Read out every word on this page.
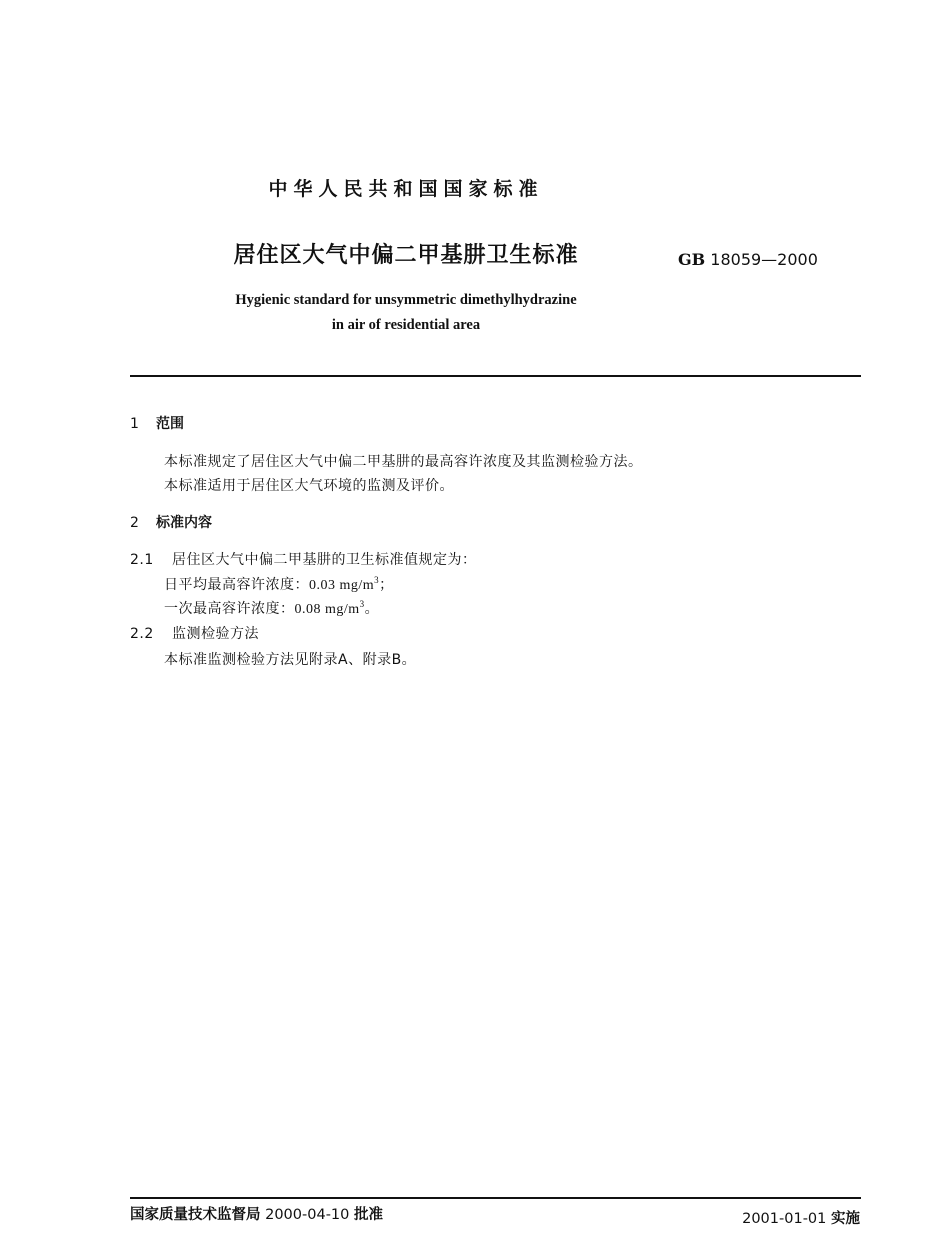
中华人民共和国国家标准
居住区大气中偏二甲基肼卫生标准	GB 18059—2000
Hygienic standard for unsymmetric dimethylhydrazine
in air of residential area
1 范围
本标准规定了居住区大气中偏二甲基肼的最高容许浓度及其监测检验方法。
本标准适用于居住区大气环境的监测及评价。
2 标准内容
2.1 居住区大气中偏二甲基肼的卫生标准值规定为：
日平均最高容许浓度：0.03 $mg/m^3$；
一次最高容许浓度：0.08 $mg/m^3$。
2.2 监测检验方法
本标准监测检验方法见附录A、附录B。
国家质量技术监督局 2000-04-10 批准	2001-01-01 实施
